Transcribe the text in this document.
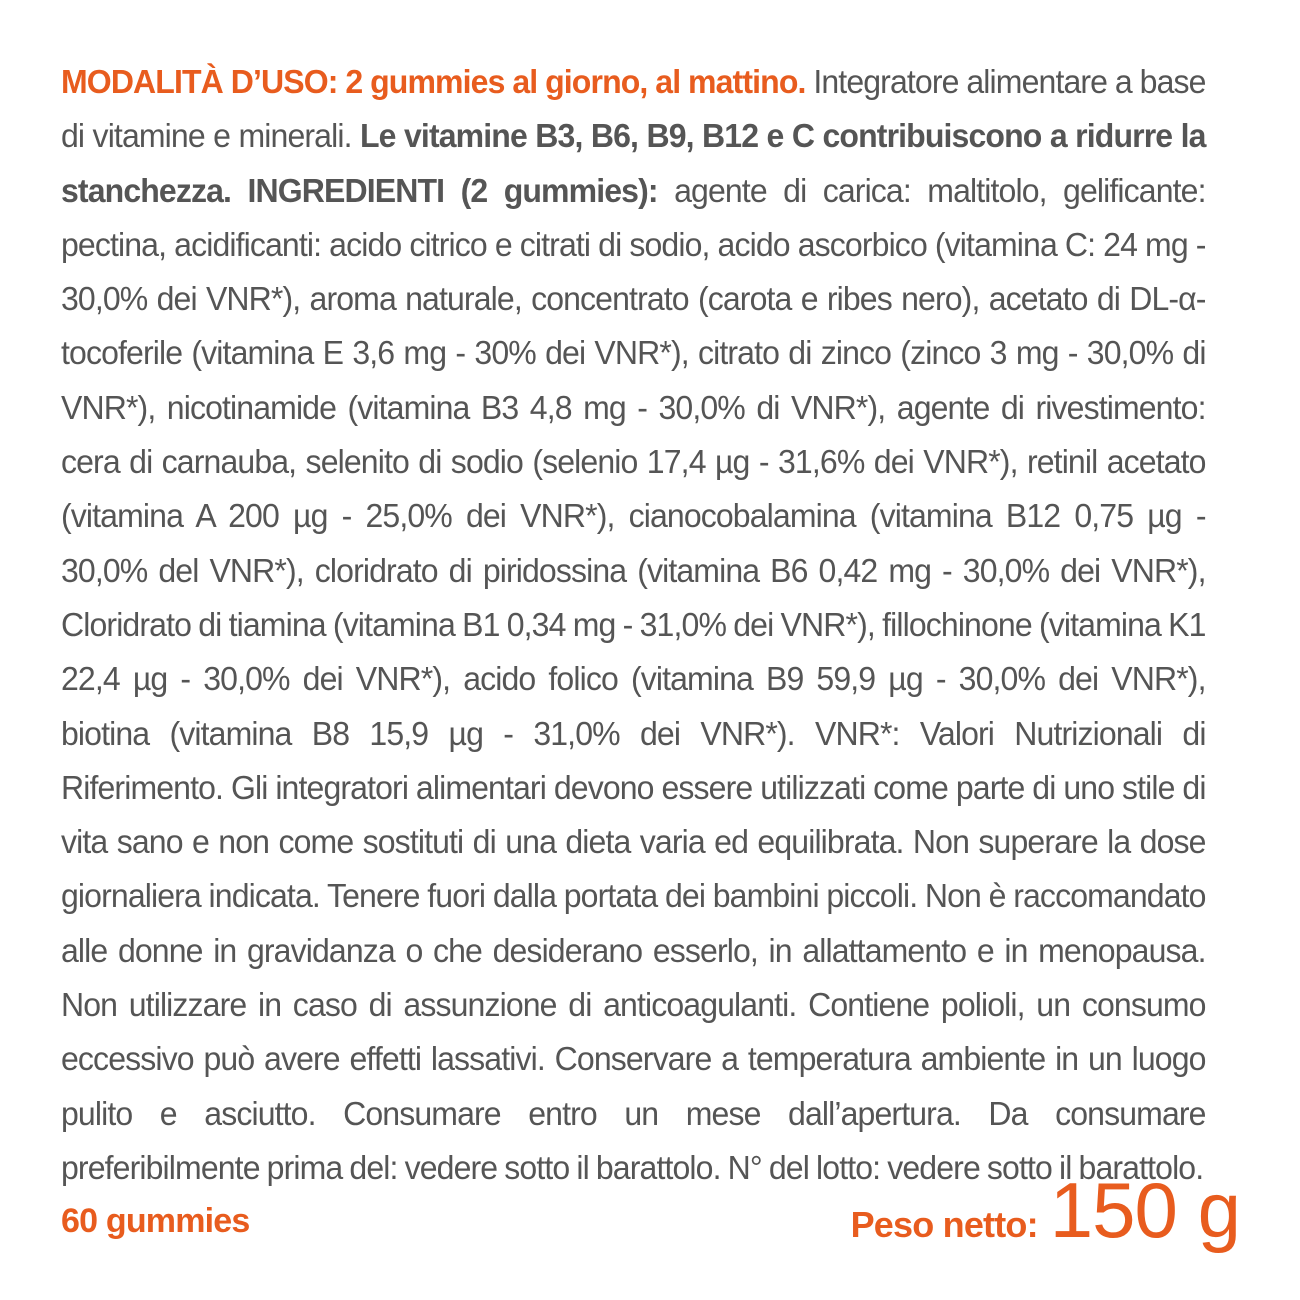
MODALITÀ D’USO: 2 gummies al giorno, al mattino. Integratore alimentare a base di vitamine e minerali. Le vitamine B3, B6, B9, B12 e C contribuiscono a ridurre la stanchezza. INGREDIENTI (2 gummies): agente di carica: maltitolo, gelificante: pectina, acidificanti: acido citrico e citrati di sodio, acido ascorbico (vitamina C: 24 mg - 30,0% dei VNR*), aroma naturale, concentrato (carota e ribes nero), acetato di DL-α-tocoferile (vitamina E 3,6 mg - 30% dei VNR*), citrato di zinco (zinco 3 mg - 30,0% di VNR*), nicotinamide (vitamina B3 4,8 mg - 30,0% di VNR*), agente di rivestimento: cera di carnauba, selenito di sodio (selenio 17,4 µg - 31,6% dei VNR*), retinil acetato (vitamina A 200 µg - 25,0% dei VNR*), cianocobalamina (vitamina B12 0,75 µg - 30,0% del VNR*), cloridrato di piridossina (vitamina B6 0,42 mg - 30,0% dei VNR*), Cloridrato di tiamina (vitamina B1 0,34 mg - 31,0% dei VNR*), fillochinone (vitamina K1 22,4 µg - 30,0% dei VNR*), acido folico (vitamina B9 59,9 µg - 30,0% dei VNR*), biotina (vitamina B8 15,9 µg - 31,0% dei VNR*). VNR*: Valori Nutrizionali di Riferimento. Gli integratori alimentari devono essere utilizzati come parte di uno stile di vita sano e non come sostituti di una dieta varia ed equilibrata. Non superare la dose giornaliera indicata. Tenere fuori dalla portata dei bambini piccoli. Non è raccomandato alle donne in gravidanza o che desiderano esserlo, in allattamento e in menopausa. Non utilizzare in caso di assunzione di anticoagulanti. Contiene polioli, un consumo eccessivo può avere effetti lassativi. Conservare a temperatura ambiente in un luogo pulito e asciutto. Consumare entro un mese dall’apertura. Da consumare preferibilmente prima del: vedere sotto il barattolo. N° del lotto: vedere sotto il barattolo.

60 gummies	Peso netto: 150 g
